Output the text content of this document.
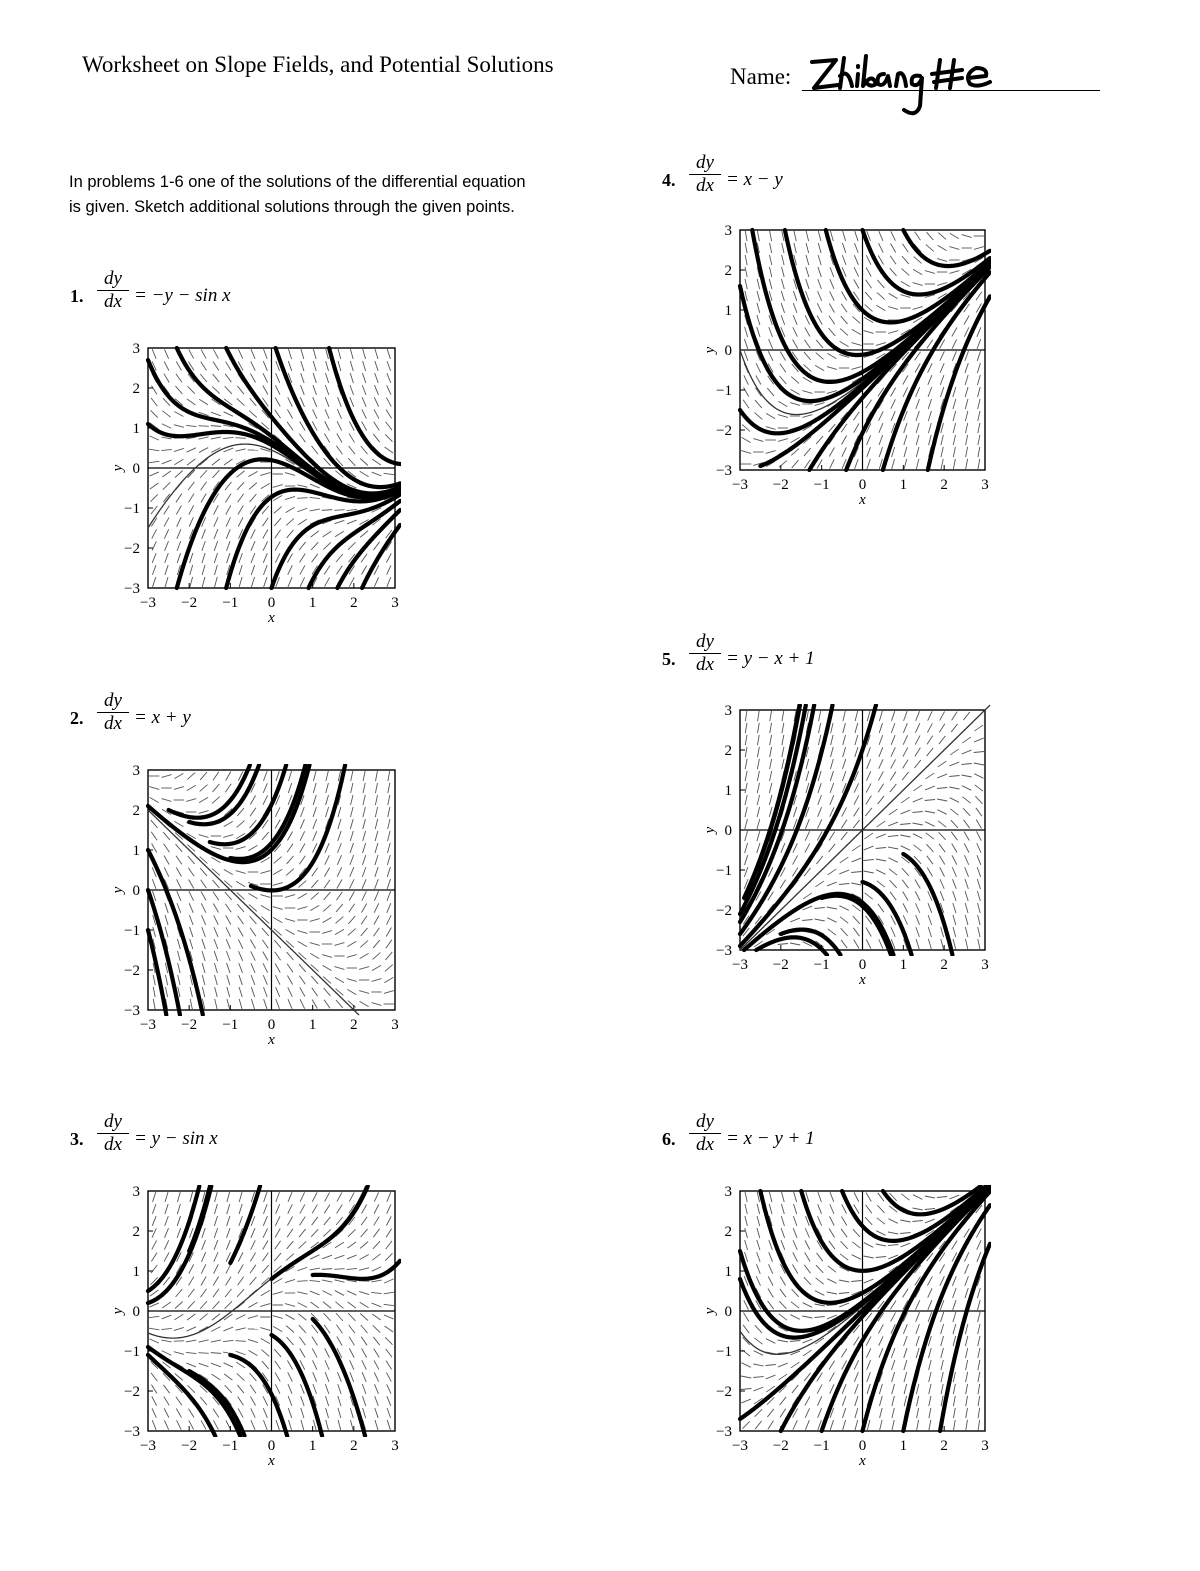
Worksheet on Slope Fields, and Potential Solutions	Name:
In problems 1-6 one of the solutions of the differential equation is given. Sketch additional solutions through the given points.
1. $\frac{dy}{dx} = -y - \sin x$
2. $\frac{dy}{dx} = x + y$
3. $\frac{dy}{dx} = y - \sin x$
4. $\frac{dy}{dx} = x - y$
5. $\frac{dy}{dx} = y - x + 1$
6. $\frac{dy}{dx} = x - y + 1$
−3 −2 −1 0 1 2 3
−3
−2
−1
0
1
2
3
x
y
−3 −2 −1 0 1 2 3
−3
−2
−1
0
1
2
3
x
y
−3 −2 −1 0 1 2 3
−3
−2
−1
0
1
2
3
x
y
−3 −2 −1 0 1 2 3
−3
−2
−1
0
1
2
3
x
y
−3 −2 −1 0 1 2 3
−3
−2
−1
0
1
2
3
x
y
−3 −2 −1 0 1 2 3
−3
−2
−1
0
1
2
3
x
y
